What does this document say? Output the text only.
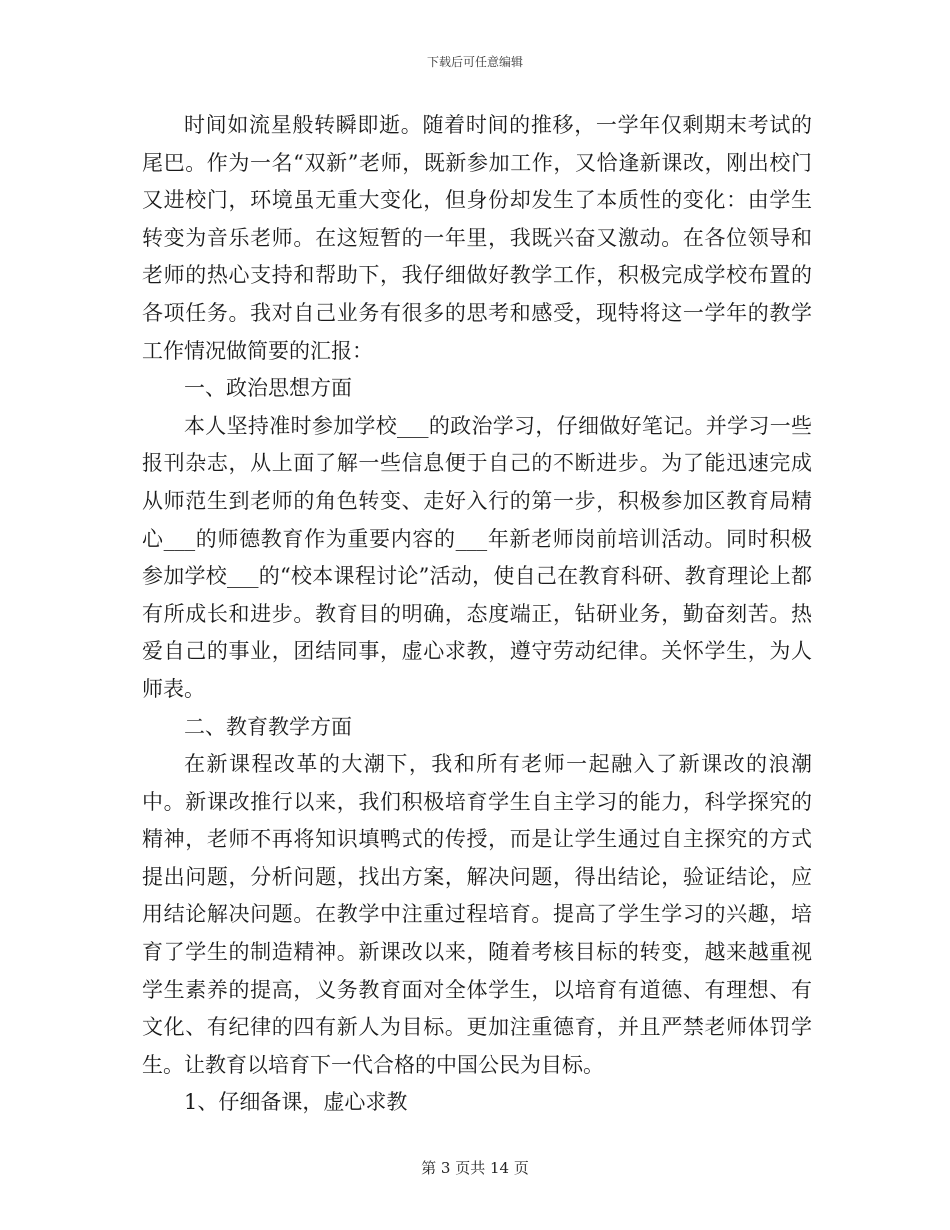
下载后可任意编辑

时间如流星般转瞬即逝。随着时间的推移，一学年仅剩期末考试的尾巴。作为一名“双新”老师，既新参加工作，又恰逢新课改，刚出校门又进校门，环境虽无重大变化，但身份却发生了本质性的变化：由学生转变为音乐老师。在这短暂的一年里，我既兴奋又激动。在各位领导和老师的热心支持和帮助下，我仔细做好教学工作，积极完成学校布置的各项任务。我对自己业务有很多的思考和感受，现特将这一学年的教学工作情况做简要的汇报：

一、政治思想方面

本人坚持准时参加学校___的政治学习，仔细做好笔记。并学习一些报刊杂志，从上面了解一些信息便于自己的不断进步。为了能迅速完成从师范生到老师的角色转变、走好入行的第一步，积极参加区教育局精心___的师德教育作为重要内容的___年新老师岗前培训活动。同时积极参加学校___的“校本课程讨论”活动，使自己在教育科研、教育理论上都有所成长和进步。教育目的明确，态度端正，钻研业务，勤奋刻苦。热爱自己的事业，团结同事，虚心求教，遵守劳动纪律。关怀学生，为人师表。

二、教育教学方面

在新课程改革的大潮下，我和所有老师一起融入了新课改的浪潮中。新课改推行以来，我们积极培育学生自主学习的能力，科学探究的精神，老师不再将知识填鸭式的传授，而是让学生通过自主探究的方式提出问题，分析问题，找出方案，解决问题，得出结论，验证结论，应用结论解决问题。在教学中注重过程培育。提高了学生学习的兴趣，培育了学生的制造精神。新课改以来，随着考核目标的转变，越来越重视学生素养的提高，义务教育面对全体学生，以培育有道德、有理想、有文化、有纪律的四有新人为目标。更加注重德育，并且严禁老师体罚学生。让教育以培育下一代合格的中国公民为目标。

1、仔细备课，虚心求教

第 3 页共 14 页
